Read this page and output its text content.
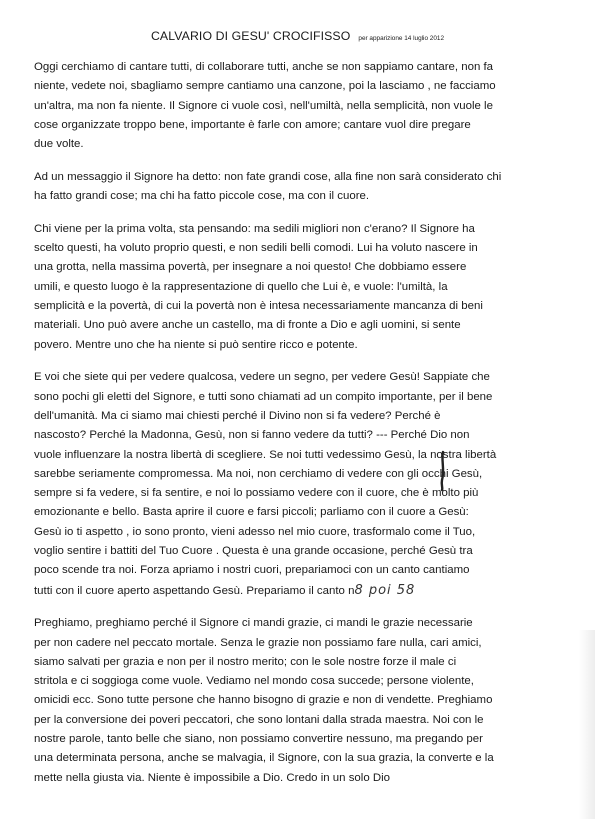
CALVARIO DI GESU' CROCIFISSO per apparizione 14 luglio 2012
Oggi cerchiamo di cantare tutti, di collaborare tutti, anche se non sappiamo cantare, non fa
niente, vedete noi, sbagliamo sempre cantiamo una canzone, poi la lasciamo , ne facciamo
un'altra, ma non fa niente. Il Signore ci vuole così, nell'umiltà, nella semplicità, non vuole le
cose organizzate troppo bene, importante è farle con amore; cantare vuol dire pregare
due volte.
Ad un messaggio il Signore ha detto: non fate grandi cose, alla fine non sarà considerato chi
ha fatto grandi cose; ma chi ha fatto piccole cose, ma con il cuore.
Chi viene per la prima volta, sta pensando: ma sedili migliori non c'erano? Il Signore ha
scelto questi, ha voluto proprio questi, e non sedili belli comodi. Lui ha voluto nascere in
una grotta, nella massima povertà, per insegnare a noi questo! Che dobbiamo essere
umili, e questo luogo è la rappresentazione di quello che Lui è, e vuole: l'umiltà, la
semplicità e la povertà, di cui la povertà non è intesa necessariamente mancanza di beni
materiali. Uno può avere anche un castello, ma di fronte a Dio e agli uomini, si sente
povero. Mentre uno che ha niente si può sentire ricco e potente.
E voi che siete qui per vedere qualcosa, vedere un segno, per vedere Gesù! Sappiate che
sono pochi gli eletti del Signore, e tutti sono chiamati ad un compito importante, per il bene
dell'umanità. Ma ci siamo mai chiesti perché il Divino non si fa vedere? Perché è
nascosto? Perché la Madonna, Gesù, non si fanno vedere da tutti? --- Perché Dio non
vuole influenzare la nostra libertà di scegliere. Se noi tutti vedessimo Gesù, la nostra libertà
sarebbe seriamente compromessa. Ma noi, non cerchiamo di vedere con gli occhi Gesù,
sempre si fa vedere, si fa sentire, e noi lo possiamo vedere con il cuore, che è molto più
emozionante e bello. Basta aprire il cuore e farsi piccoli; parliamo con il cuore a Gesù:
Gesù io ti aspetto , io sono pronto, vieni adesso nel mio cuore, trasformalo come il Tuo,
voglio sentire i battiti del Tuo Cuore . Questa è una grande occasione, perché Gesù tra
poco scende tra noi. Forza apriamo i nostri cuori, prepariamoci con un canto cantiamo
tutti con il cuore aperto aspettando Gesù. Prepariamo il canto n8 poi 58
Preghiamo, preghiamo perché il Signore ci mandi grazie, ci mandi le grazie necessarie
per non cadere nel peccato mortale. Senza le grazie non possiamo fare nulla, cari amici,
siamo salvati per grazia e non per il nostro merito; con le sole nostre forze il male ci
stritola e ci soggioga come vuole. Vediamo nel mondo cosa succede; persone violente,
omicidi ecc. Sono tutte persone che hanno bisogno di grazie e non di vendette. Preghiamo
per la conversione dei poveri peccatori, che sono lontani dalla strada maestra. Noi con le
nostre parole, tanto belle che siano, non possiamo convertire nessuno, ma pregando per
una determinata persona, anche se malvagia, il Signore, con la sua grazia, la converte e la
mette nella giusta via. Niente è impossibile a Dio. Credo in un solo Dio
